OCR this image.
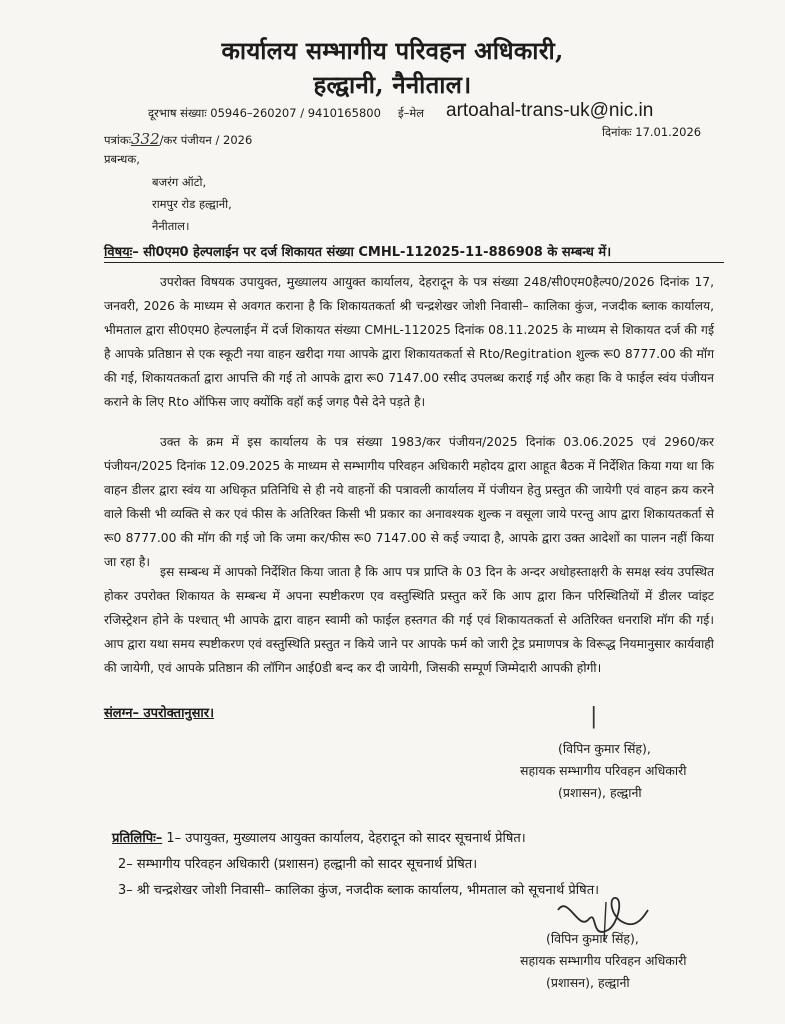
कार्यालय सम्भागीय परिवहन अधिकारी,
हल्द्वानी, नैनीताल।
दूरभाष संख्याः 05946–260207 / 9410165800 ई–मेल artoahal-trans-uk@nic.in
पत्रांकः332/कर पंजीयन / 2026
दिनांकः 17.01.2026
प्रबन्धक,
बजरंग ऑटो,
रामपुर रोड हल्द्वानी,
नैनीताल।
विषयः– सी0एम0 हेल्पलाईन पर दर्ज शिकायत संख्या CMHL-112025-11-886908 के सम्बन्ध में।
उपरोक्त विषयक उपायुक्त, मुख्यालय आयुक्त कार्यालय, देहरादून के पत्र संख्या 248/सी0एम0हैल्प0/2026 दिनांक 17, जनवरी, 2026 के माध्यम से अवगत कराना है कि शिकायतकर्ता श्री चन्द्रशेखर जोशी निवासी– कालिका कुंज, नजदीक ब्लाक कार्यालय, भीमताल द्वारा सी0एम0 हेल्पलाईन में दर्ज शिकायत संख्या CMHL-112025 दिनांक 08.11.2025 के माध्यम से शिकायत दर्ज की गई है आपके प्रतिष्ठान से एक स्कूटी नया वाहन खरीदा गया आपके द्वारा शिकायतकर्ता से Rto/Regitration शुल्क रू0 8777.00 की मॉग की गई, शिकायतकर्ता द्वारा आपत्ति की गई तो आपके द्वारा रू0 7147.00 रसीद उपलब्ध कराई गई और कहा कि वे फाईल स्वंय पंजीयन कराने के लिए Rto ऑफिस जाए क्योंकि वहॉ कई जगह पैसे देने पड़ते है।
उक्त के क्रम में इस कार्यालय के पत्र संख्या 1983/कर पंजीयन/2025 दिनांक 03.06.2025 एवं 2960/कर पंजीयन/2025 दिनांक 12.09.2025 के माध्यम से सम्भागीय परिवहन अधिकारी महोदय द्वारा आहूत बैठक में निर्देशित किया गया था कि वाहन डीलर द्वारा स्वंय या अधिकृत प्रतिनिधि से ही नये वाहनों की पत्रावली कार्यालय में पंजीयन हेतु प्रस्तुत की जायेगी एवं वाहन क्रय करने वाले किसी भी व्यक्ति से कर एवं फीस के अतिरिक्त किसी भी प्रकार का अनावश्यक शुल्क न वसूला जाये परन्तु आप द्वारा शिकायतकर्ता से रू0 8777.00 की मॉग की गई जो कि जमा कर/फीस रू0 7147.00 से कई ज्यादा है, आपके द्वारा उक्त आदेशों का पालन नहीं किया जा रहा है।
इस सम्बन्ध में आपको निर्देशित किया जाता है कि आप पत्र प्राप्ति के 03 दिन के अन्दर अधोहस्ताक्षरी के समक्ष स्वंय उपस्थित होकर उपरोक्त शिकायत के सम्बन्ध में अपना स्पष्टीकरण एव वस्तुस्थिति प्रस्तुत करें कि आप द्वारा किन परिस्थितियों में डीलर प्वांइट रजिस्ट्रेशन होने के पश्चात् भी आपके द्वारा वाहन स्वामी को फाईल हस्तगत की गई एवं शिकायतकर्ता से अतिरिक्त धनराशि मॉग की गई। आप द्वारा यथा समय स्पष्टीकरण एवं वस्तुस्थिति प्रस्तुत न किये जाने पर आपके फर्म को जारी ट्रेड प्रमाणपत्र के विरूद्ध नियमानुसार कार्यवाही की जायेगी, एवं आपके प्रतिष्ठान की लॉगिन आई0डी बन्द कर दी जायेगी, जिसकी सम्पूर्ण जिम्मेदारी आपकी होगी।
संलग्न– उपरोक्तानुसार।	|
(विपिन कुमार सिंह),
सहायक सम्भागीय परिवहन अधिकारी
(प्रशासन), हल्द्वानी
प्रतिलिपिः– 1– उपायुक्त, मुख्यालय आयुक्त कार्यालय, देहरादून को सादर सूचनार्थ प्रेषित।
2– सम्भागीय परिवहन अधिकारी (प्रशासन) हल्द्वानी को सादर सूचनार्थ प्रेषित।
3– श्री चन्द्रशेखर जोशी निवासी– कालिका कुंज, नजदीक ब्लाक कार्यालय, भीमताल को सूचनार्थ प्रेषित।
(विपिन कुमार सिंह),
सहायक सम्भागीय परिवहन अधिकारी
(प्रशासन), हल्द्वानी
